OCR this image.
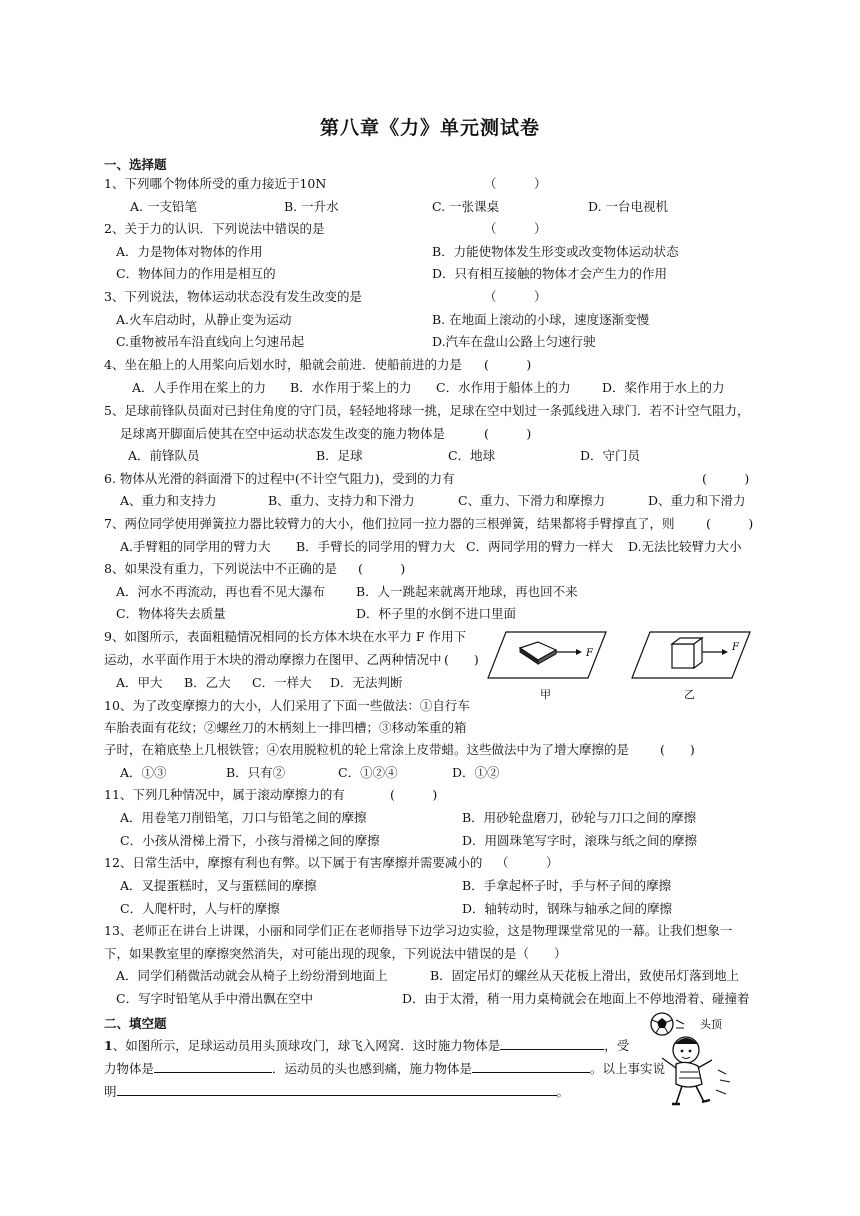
第八章《力》单元测试卷
一、选择题
1、下列哪个物体所受的重力接近于10N	（　　　）
A. 一支铅笔	B. 一升水	C. 一张课桌	D. 一台电视机
2、关于力的认识．下列说法中错误的是	（　　　）
A．力是物体对物体的作用	B．力能使物体发生形变或改变物体运动状态
C．物体间力的作用是相互的	D．只有相互接触的物体才会产生力的作用
3、下列说法，物体运动状态没有发生改变的是	（　　　）
A.火车启动时，从静止变为运动	B. 在地面上滚动的小球，速度逐渐变慢
C.重物被吊车沿直线向上匀速吊起	D.汽车在盘山公路上匀速行驶
4、坐在船上的人用桨向后划水时，船就会前进．使船前进的力是 (　　　)
A．人手作用在桨上的力 B．水作用于桨上的力 C．水作用于船体上的力	D．桨作用于水上的力
5、足球前锋队员面对已封住角度的守门员，轻轻地将球一挑，足球在空中划过一条弧线进入球门．若不计空气阻力，
足球离开脚面后使其在空中运动状态发生改变的施力物体是	(　　　)
A．前锋队员	B．足球	C．地球	D．守门员
6. 物体从光滑的斜面滑下的过程中(不计空气阻力)，受到的力有	(　　　)
A、重力和支持力	B、重力、支持力和下滑力	C、重力、下滑力和摩擦力	D、重力和下滑力
7、两位同学使用弹簧拉力器比较臂力的大小，他们拉同一拉力器的三根弹簧，结果都将手臂撑直了，则	(　　　)
A.手臂粗的同学用的臂力大 B．手臂长的同学用的臂力大 C．两同学用的臂力一样大 D.无法比较臂力大小
8、如果没有重力，下列说法中不正确的是 (　　　)
A．河水不再流动，再也看不见大瀑布 B．人一跳起来就离开地球，再也回不来
C．物体将失去质量	D．杯子里的水倒不进口里面
9、如图所示，表面粗糙情况相同的长方体木块在水平力 F 作用下
运动，水平面作用于木块的滑动摩擦力在图甲、乙两种情况中 (　　)
A．甲大 B．乙大 C．一样大 D．无法判断
F
甲
F
乙
10、为了改变摩擦力的大小，人们采用了下面一些做法：①自行车
车胎表面有花纹；②螺丝刀的木柄刻上一排凹槽；③移动笨重的箱
子时，在箱底垫上几根铁管；④农用脱粒机的轮上常涂上皮带蜡。这些做法中为了增大摩擦的是 (　　)
A．①③	B．只有②	C．①②④	D．①②
11、下列几种情况中，属于滚动摩擦力的有	(　　　)
A．用卷笔刀削铅笔，刀口与铅笔之间的摩擦	B．用砂轮盘磨刀，砂轮与刀口之间的摩擦
C．小孩从滑梯上滑下，小孩与滑梯之间的摩擦	D．用圆珠笔写字时，滚珠与纸之间的摩擦
12、日常生活中，摩擦有利也有弊。以下属于有害摩擦并需要减小的 （　　　）
A．叉提蛋糕时，叉与蛋糕间的摩擦	B．手拿起杯子时，手与杯子间的摩擦
C．人爬杆时，人与杆的摩擦	D．轴转动时，钢珠与轴承之间的摩擦
13、老师正在讲台上讲课，小丽和同学们正在老师指导下边学习边实验，这是物理课堂常见的一幕。让我们想象一
下，如果教室里的摩擦突然消失，对可能出现的现象，下列说法中错误的是（　　）
A．同学们稍微活动就会从椅子上纷纷滑到地面上	B．固定吊灯的螺丝从天花板上滑出，致使吊灯落到地上
C．写字时铅笔从手中滑出飘在空中	D．由于太滑，稍一用力桌椅就会在地面上不停地滑着、碰撞着
二、填空题
1、如图所示，足球运动员用头顶球攻门，球飞入网窝．这时施力物体是	，受
力物体是	．运动员的头也感到痛，施力物体是	。以上事实说
明	。
头顶
